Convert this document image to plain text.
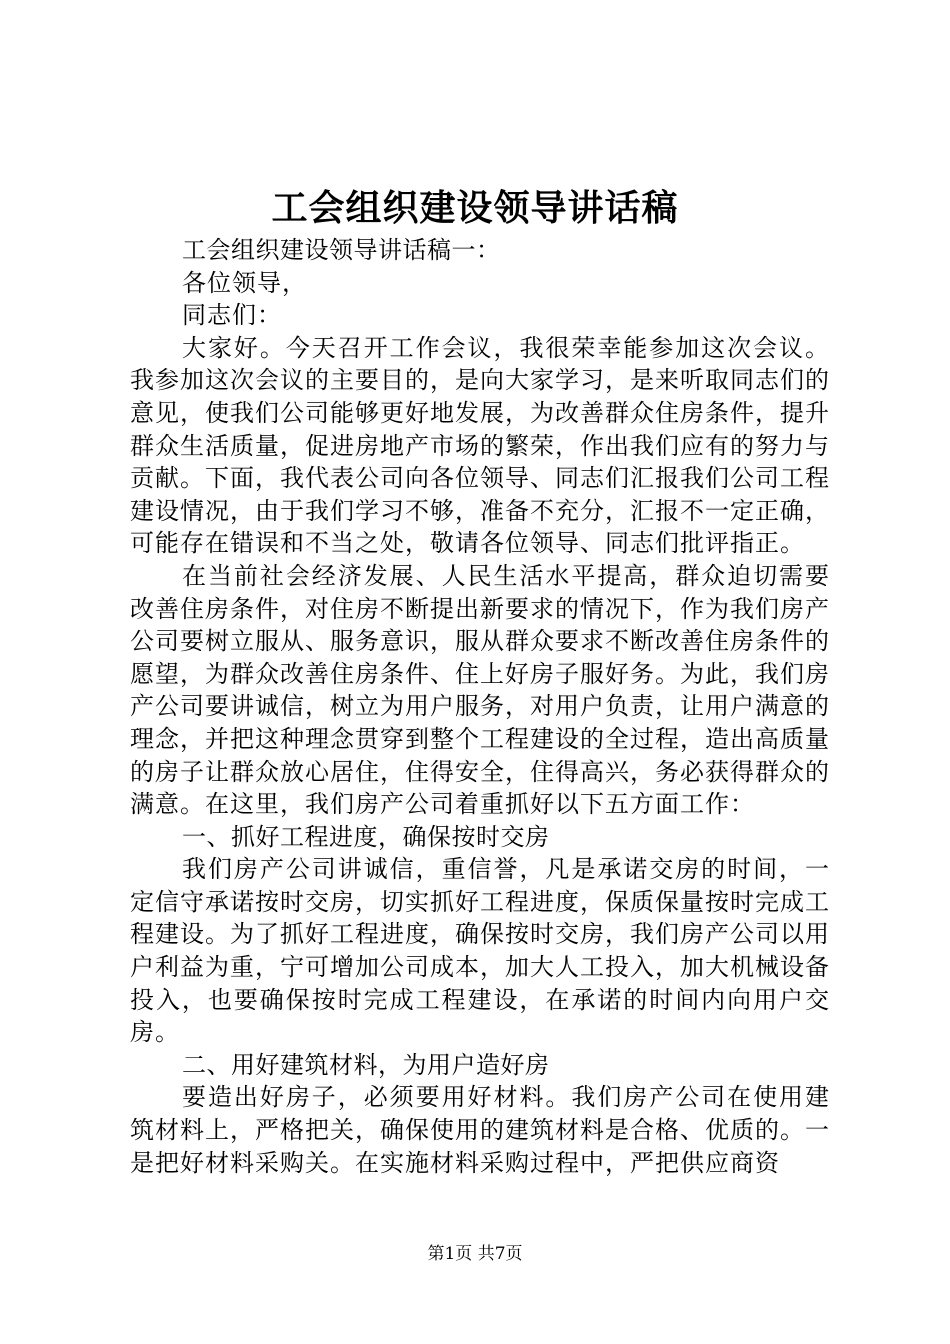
工会组织建设领导讲话稿

工会组织建设领导讲话稿一：

各位领导，

同志们：

大家好。今天召开工作会议，我很荣幸能参加这次会议。我参加这次会议的主要目的，是向大家学习，是来听取同志们的意见，使我们公司能够更好地发展，为改善群众住房条件，提升群众生活质量，促进房地产市场的繁荣，作出我们应有的努力与贡献。下面，我代表公司向各位领导、同志们汇报我们公司工程建设情况，由于我们学习不够，准备不充分，汇报不一定正确，可能存在错误和不当之处，敬请各位领导、同志们批评指正。

在当前社会经济发展、人民生活水平提高，群众迫切需要改善住房条件，对住房不断提出新要求的情况下，作为我们房产公司要树立服从、服务意识，服从群众要求不断改善住房条件的愿望，为群众改善住房条件、住上好房子服好务。为此，我们房产公司要讲诚信，树立为用户服务，对用户负责，让用户满意的理念，并把这种理念贯穿到整个工程建设的全过程，造出高质量的房子让群众放心居住，住得安全，住得高兴，务必获得群众的满意。在这里，我们房产公司着重抓好以下五方面工作：

一、抓好工程进度，确保按时交房

我们房产公司讲诚信，重信誉，凡是承诺交房的时间，一定信守承诺按时交房，切实抓好工程进度，保质保量按时完成工程建设。为了抓好工程进度，确保按时交房，我们房产公司以用户利益为重，宁可增加公司成本，加大人工投入，加大机械设备投入，也要确保按时完成工程建设，在承诺的时间内向用户交房。

二、用好建筑材料，为用户造好房

要造出好房子，必须要用好材料。我们房产公司在使用建筑材料上，严格把关，确保使用的建筑材料是合格、优质的。一是把好材料采购关。在实施材料采购过程中，严把供应商资

第1页 共7页
